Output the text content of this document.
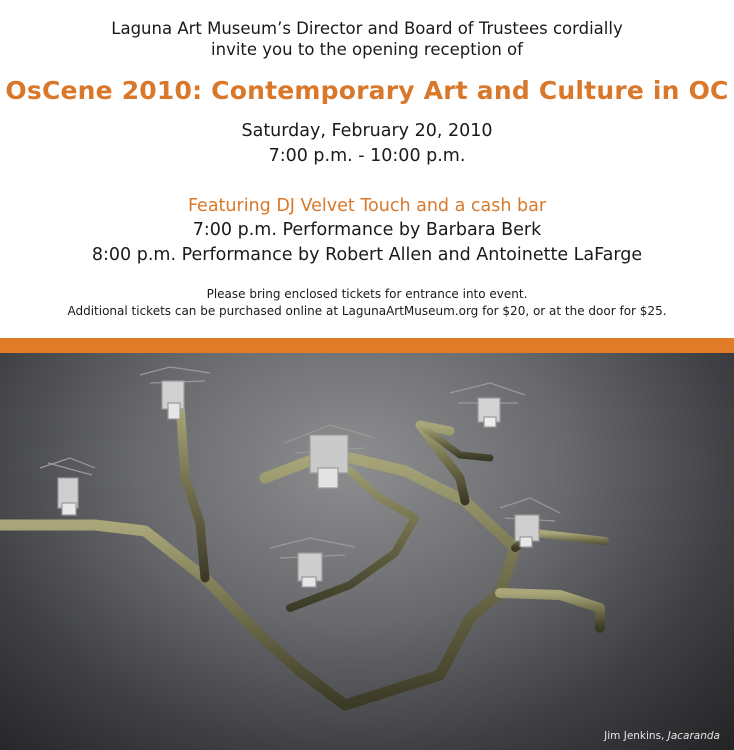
Laguna Art Museum’s Director and Board of Trustees cordially
invite you to the opening reception of
OsCene 2010: Contemporary Art and Culture in OC
Saturday, February 20, 2010
7:00 p.m. - 10:00 p.m.
Featuring DJ Velvet Touch and a cash bar
7:00 p.m. Performance by Barbara Berk
8:00 p.m. Performance by Robert Allen and Antoinette LaFarge
Please bring enclosed tickets for entrance into event.
Additional tickets can be purchased online at LagunaArtMuseum.org for $20, or at the door for $25.
Jim Jenkins, Jacaranda
